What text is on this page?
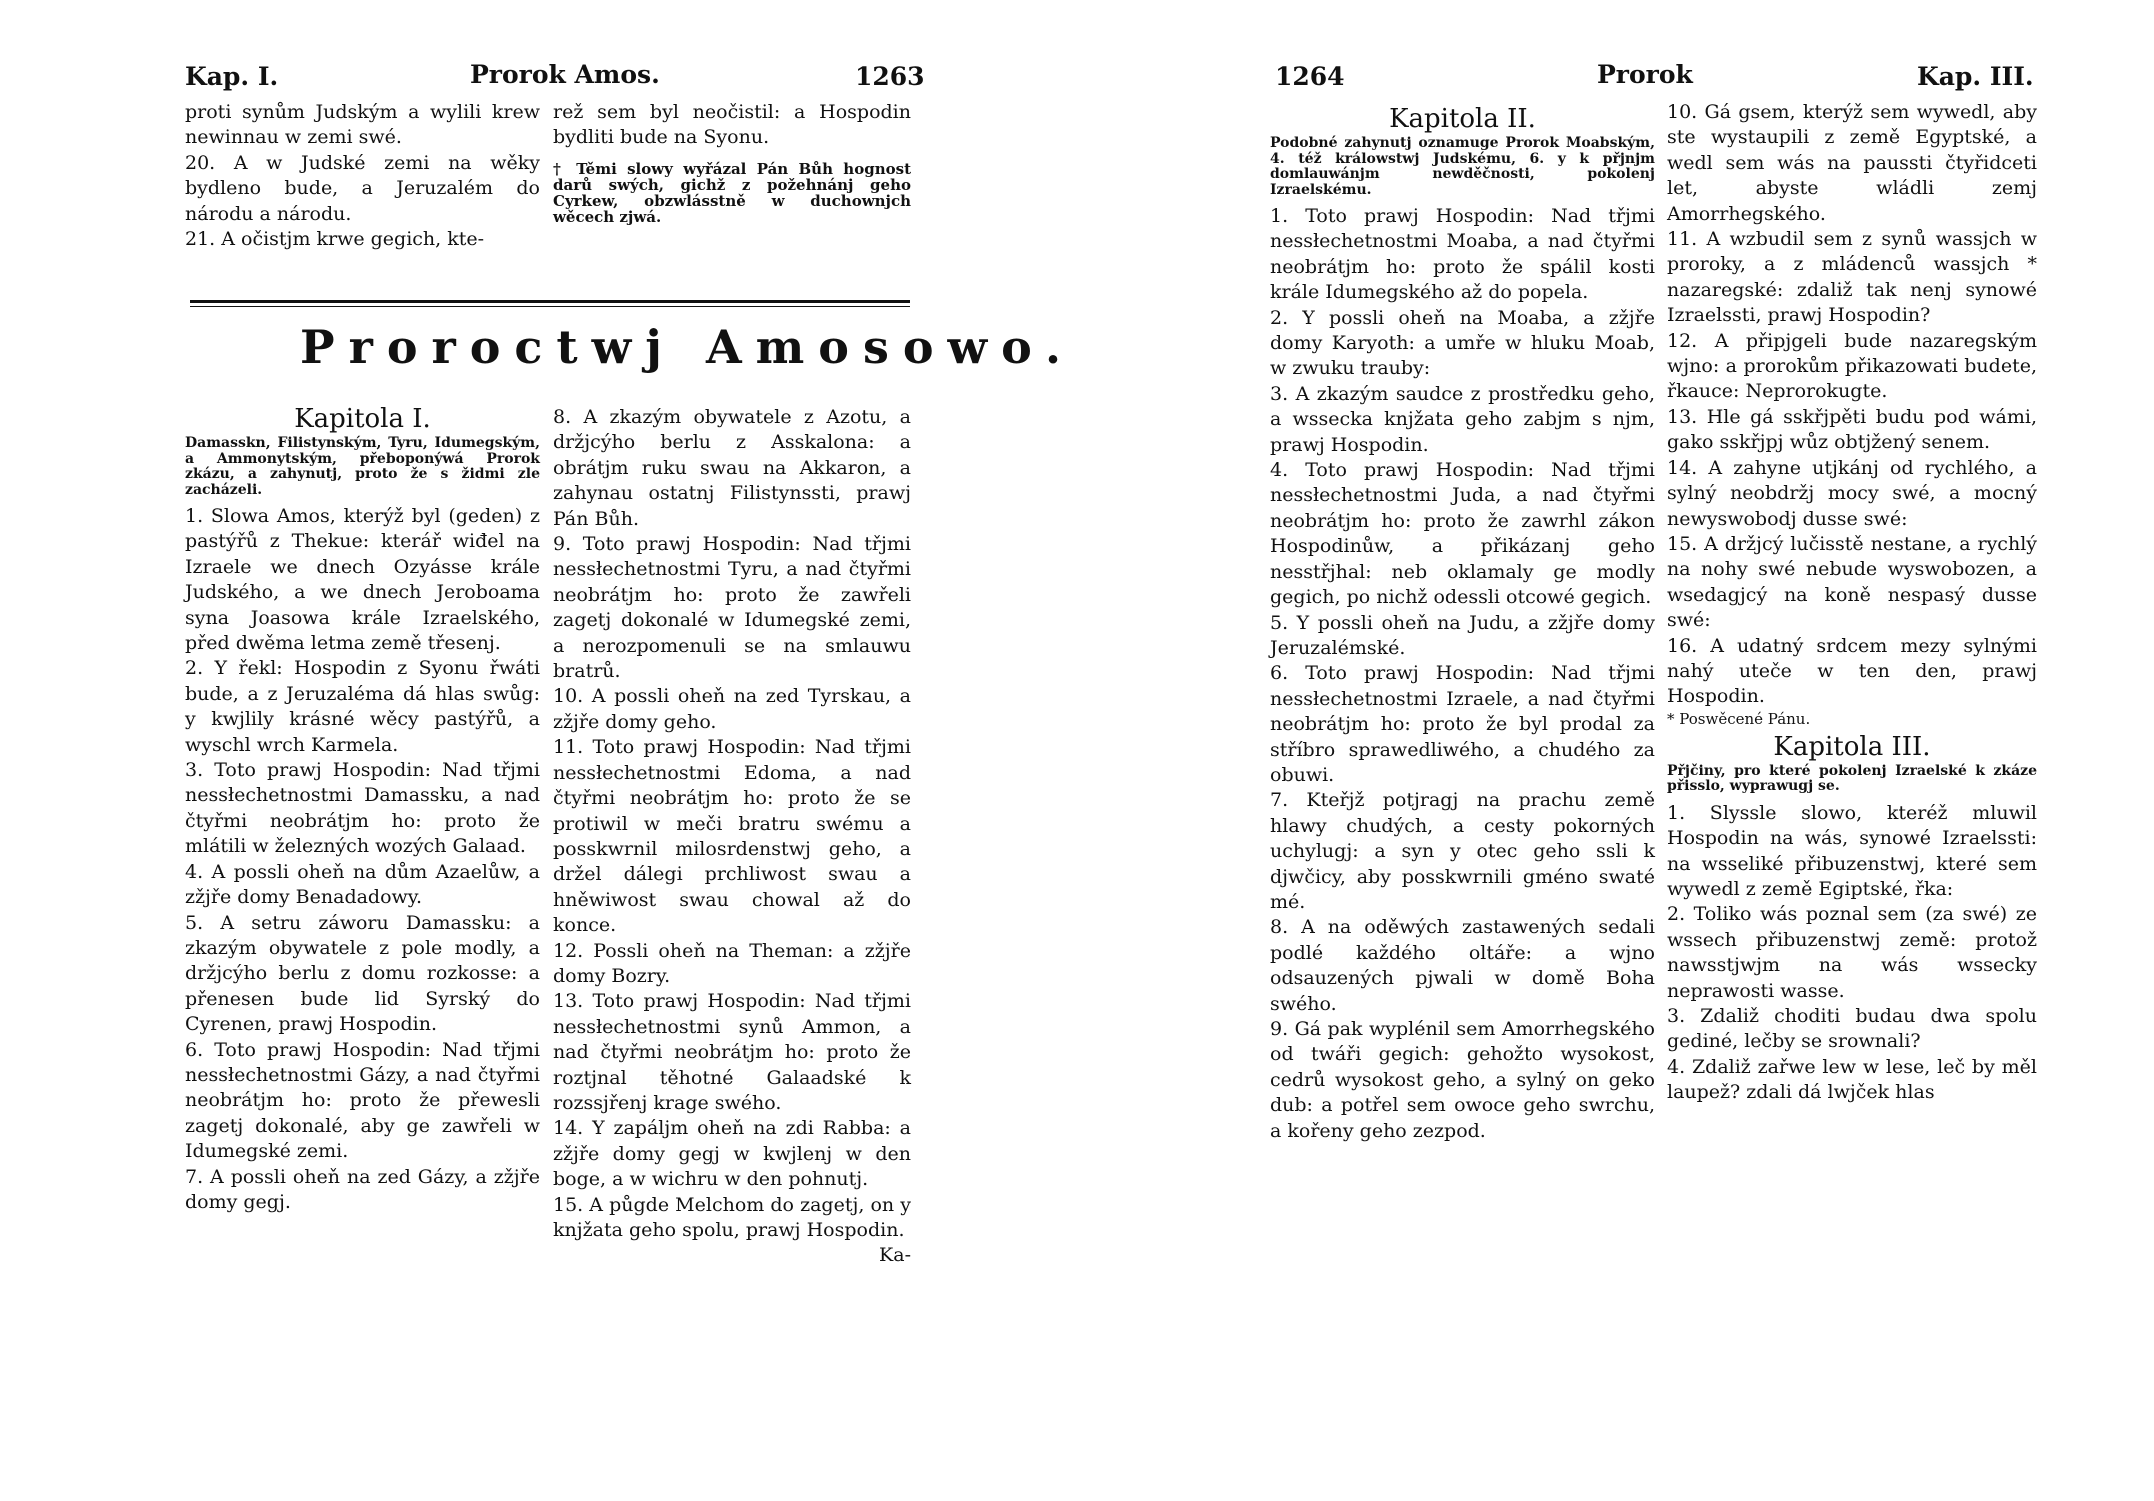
Kap. I.	Prorok Amos.	1263

proti synům Judským a wylili krew newinnau w zemi swé.

20. A w Judské zemi na wěky bydleno bude, a Jeruzalém do národu a národu.

21. A očistjm krwe gegich, kte-

rež sem byl neočistil: a Hospodin bydliti bude na Syonu.

† Těmi slowy wyřázal Pán Bůh hognost darů swých, gichž z požehnánj geho Cyrkew, obzwlásstně w duchownjch wěcech zjwá.

Proroctwj Amosowo.
Kapitola I.

Damasskn, Filistynským, Tyru, Idumegským, a Ammonytským, přeboponýwá Prorok zkázu, a zahynutj, proto že s židmi zle zacházeli.

1. Slowa Amos, kterýž byl (geden) z pastýřů z Thekue: kterář wiđel na Izraele we dnech Ozyásse krále Judského, a we dnech Jeroboama syna Joasowa krále Izraelského, před dwěma letma země třesenj.

2. Y řekl: Hospodin z Syonu řwáti bude, a z Jeruzaléma dá hlas swůg: y kwjlily krásné wěcy pastýřů, a wyschl wrch Karmela.

3. Toto prawj Hospodin: Nad třjmi nessłechetnostmi Damassku, a nad čtyřmi neobrátjm ho: proto že mlátili w železných wozých Galaad.

4. A possli oheň na dům Azaelůw, a zžjře domy Benadadowy.

5. A setru záworu Damassku: a zkazým obywatele z pole modly, a držjcýho berlu z domu rozkosse: a přenesen bude lid Syrský do Cyrenen, prawj Hospodin.

6. Toto prawj Hospodin: Nad třjmi nessłechetnostmi Gázy, a nad čtyřmi neobrátjm ho: proto že přewesli zagetj dokonalé, aby ge zawřeli w Idumegské zemi.

7. A possli oheň na zed Gázy, a zžjře domy gegj.

8. A zkazým obywatele z Azotu, a držjcýho berlu z Asskalona: a obrátjm ruku swau na Akkaron, a zahynau ostatnj Filistynssti, prawj Pán Bůh.

9. Toto prawj Hospodin: Nad třjmi nessłechetnostmi Tyru, a nad čtyřmi neobrátjm ho: proto že zawřeli zagetj dokonalé w Idumegské zemi, a nerozpomenuli se na smlauwu bratrů.

10. A possli oheň na zed Tyrskau, a zžjře domy geho.

11. Toto prawj Hospodin: Nad třjmi nessłechetnostmi Edoma, a nad čtyřmi neobrátjm ho: proto že se protiwil w meči bratru swému a posskwrnil milosrdenstwj geho, a držel dálegi prchliwost swau a hněwiwost swau chowal až do konce.

12. Possli oheň na Theman: a zžjře domy Bozry.

13. Toto prawj Hospodin: Nad třjmi nessłechetnostmi synů Ammon, a nad čtyřmi neobrátjm ho: proto že roztjnal těhotné Galaadské k rozssjřenj krage swého.

14. Y zapáljm oheň na zdi Rabba: a zžjře domy gegj w kwjlenj w den boge, a w wichru w den pohnutj.

15. A půgde Melchom do zagetj, on y knjžata geho spolu, prawj Hospodin.

Ka-

1264	Prorok	Kap. III.
Kapitola II.

Podobné zahynutj oznamuge Prorok Moabským, 4. též králowstwj Judskému, 6. y k přjnjm domlauwánjm newděčnosti, pokolenj Izraelskému.

1. Toto prawj Hospodin: Nad třjmi nessłechetnostmi Moaba, a nad čtyřmi neobrátjm ho: proto že spálil kosti krále Idumegského až do popela.

2. Y possli oheň na Moaba, a zžjře domy Karyoth: a umře w hluku Moab, w zwuku trauby:

3. A zkazým saudce z prostředku geho, a wssecka knjžata geho zabjm s njm, prawj Hospodin.

4. Toto prawj Hospodin: Nad třjmi nessłechetnostmi Juda, a nad čtyřmi neobrátjm ho: proto že zawrhl zákon Hospodinůw, a přikázanj geho nesstřjhal: neb oklamaly ge modly gegich, po nichž odessli otcowé gegich.

5. Y possli oheň na Judu, a zžjře domy Jeruzalémské.

6. Toto prawj Hospodin: Nad třjmi nessłechetnostmi Izraele, a nad čtyřmi neobrátjm ho: proto že byl prodal za stříbro sprawedliwého, a chudého za obuwi.

7. Kteřjž potjragj na prachu země hlawy chudých, a cesty pokorných uchylugj: a syn y otec geho ssli k djwčicy, aby posskwrnili gméno swaté mé.

8. A na oděwých zastawených sedali podlé každého oltáře: a wjno odsauzených pjwali w domě Boha swého.

9. Gá pak wyplénil sem Amorrhegského od twáři gegich: gehožto wysokost, cedrů wysokost geho, a sylný on geko dub: a potřel sem owoce geho swrchu, a kořeny geho zezpod.

10. Gá gsem, kterýž sem wywedl, aby ste wystaupili z země Egyptské, a wedl sem wás na paussti čtyřidceti let, abyste wládli zemj Amorrhegského.

11. A wzbudil sem z synů wassjch w proroky, a z mládenců wassjch * nazaregské: zdaliž tak nenj synowé Izraelssti, prawj Hospodin?

12. A připjgeli bude nazaregským wjno: a prorokům přikazowati budete, řkauce: Neprorokugte.

13. Hle gá sskřjpěti budu pod wámi, gako sskřjpj wůz obtjžený senem.

14. A zahyne utjkánj od rychlého, a sylný neobdržj mocy swé, a mocný newyswobodj dusse swé:

15. A držjcý lučisstě nestane, a rychlý na nohy swé nebude wyswobozen, a wsedagjcý na koně nespasý dusse swé:

16. A udatný srdcem mezy sylnými nahý uteče w ten den, prawj Hospodin.

* Poswěcené Pánu.

Kapitola III.

Přjčiny, pro které pokolenj Izraelské k zkáze přisslo, wyprawugj se.

1. Slyssle slowo, kteréž mluwil Hospodin na wás, synowé Izraelssti: na wsseliké přibuzenstwj, které sem wywedl z země Egiptské, řka:

2. Toliko wás poznal sem (za swé) ze wssech přibuzenstwj země: protož nawsstjwjm na wás wssecky neprawosti wasse.

3. Zdaliž choditi budau dwa spolu gediné, lečby se srownali?

4. Zdaliž zařwe lew w lese, leč by měl laupež? zdali dá lwjček hlas
